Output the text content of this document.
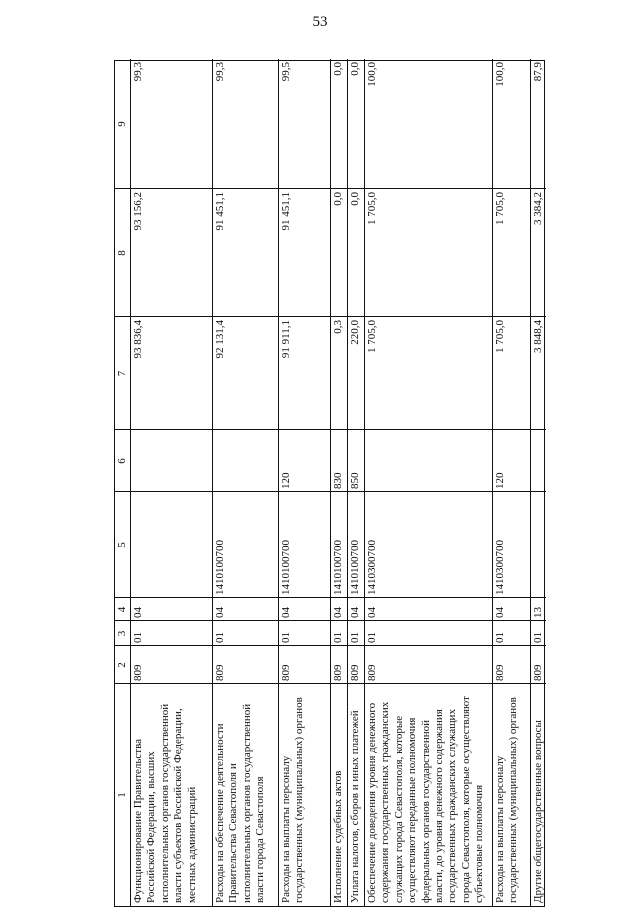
53
1
2
3
4
5
6
7
8
9
Функционирование Правительства Российской Федерации, высших исполнительных органов государственной власти субъектов Российской Федерации, местных администраций
809
01
04
93 836,4
93 156,2
99,3
Расходы на обеспечение деятельности Правительства Севастополя и исполнительных органов государственной власти города Севастополя
809
01
04
1410100700
92 131,4
91 451,1
99,3
Расходы на выплаты персоналу государственных (муниципальных) органов
809
01
04
1410100700
120
91 911,1
91 451,1
99,5
Исполнение судебных актов
809
01
04
1410100700
830
0,3
0,0
0,0
Уплата налогов, сборов и иных платежей
809
01
04
1410100700
850
220,0
0,0
0,0
Обеспечение доведения уровня денежного содержания государственных гражданских служащих города Севастополя, которые осуществляют переданные полномочия федеральных органов государственной власти, до уровня денежного содержания государственных гражданских служащих города Севастополя, которые осуществляют субъектовые полномочия
809
01
04
1410300700
1 705,0
1 705,0
100,0
Расходы на выплаты персоналу государственных (муниципальных) органов
809
01
04
1410300700
120
1 705,0
1 705,0
100,0
Другие общегосударственные вопросы
809
01
13
3 848,4
3 384,2
87,9
